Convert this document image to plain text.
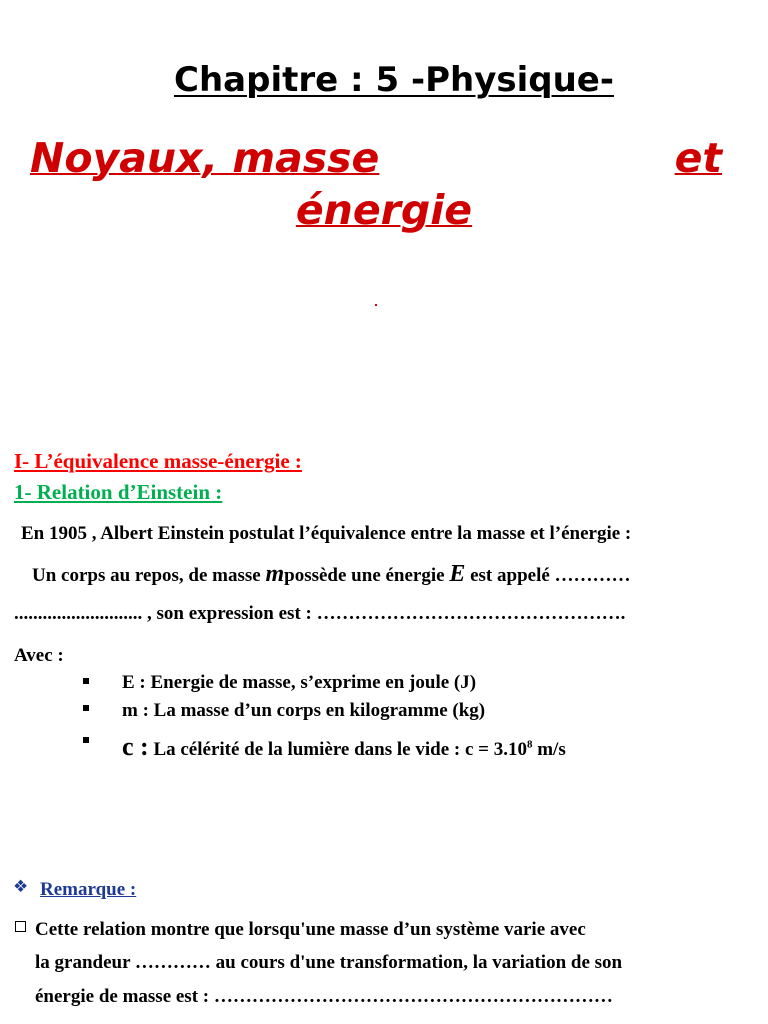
Chapitre : 5 -Physique-
Noyaux, masse	et
énergie
I- L’équivalence masse-énergie :
1- Relation d’Einstein :
En 1905 , Albert Einstein postulat l’équivalence entre la masse et l’énergie :
Un corps au repos, de masse mpossède une énergie E est appelé …………
........................... , son expression est : ………………………………………….
Avec :
E : Energie de masse, s’exprime en joule (J)
m : La masse d’un corps en kilogramme (kg)
c : La célérité de la lumière dans le vide : $c = 3.10^8$ m/s
❖ Remarque :
Cette relation montre que lorsqu'une masse d’un système varie avec
la grandeur ………… au cours d'une transformation, la variation de son
énergie de masse est : ………………………………………………………
